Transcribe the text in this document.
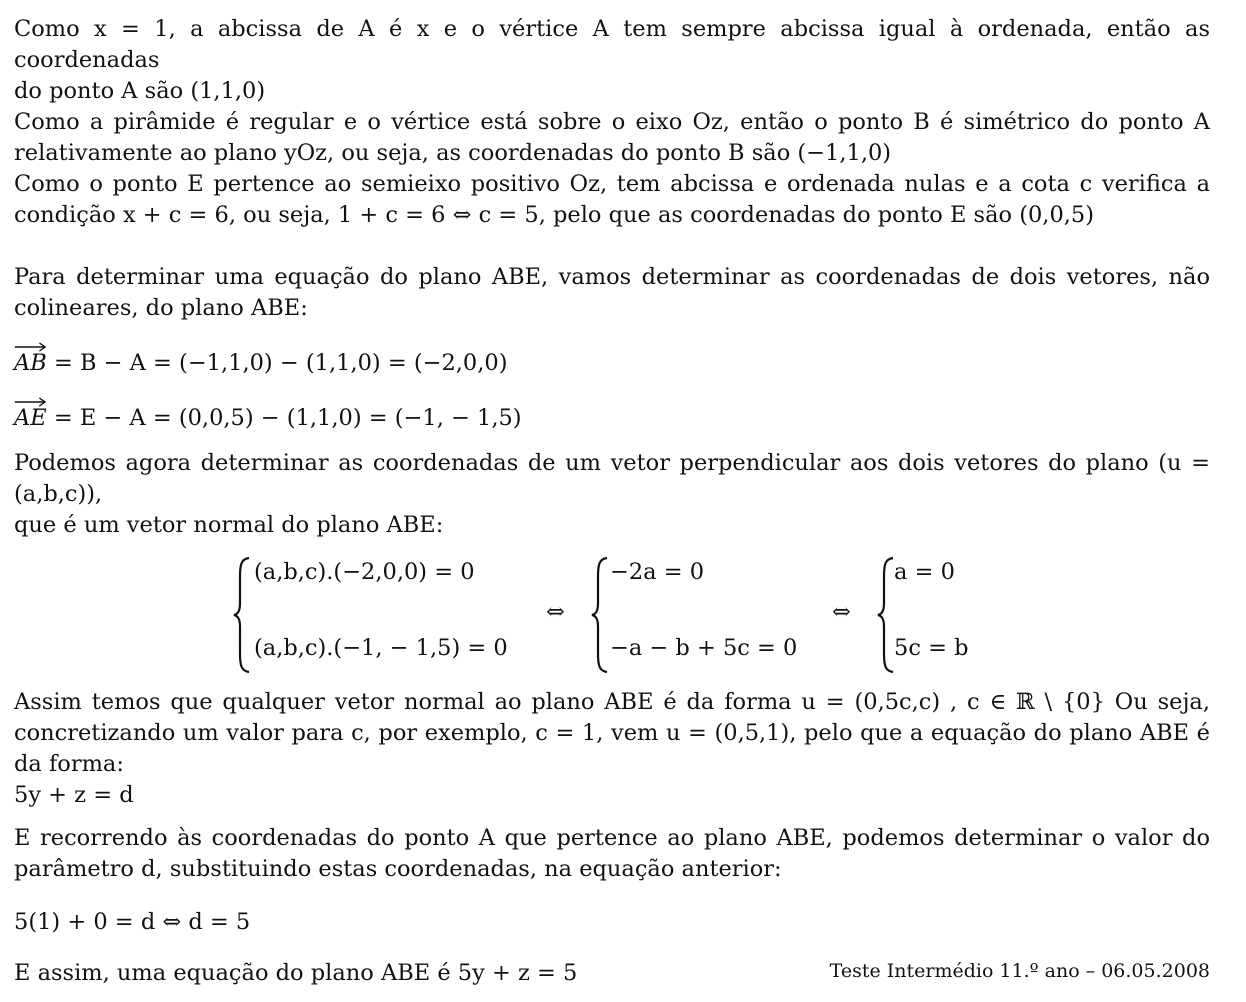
Como x = 1, a abcissa de A é x e o vértice A tem sempre abcissa igual à ordenada, então as coordenadas

do ponto A são (1,1,0)

Como a pirâmide é regular e o vértice está sobre o eixo Oz, então o ponto B é simétrico do ponto A

relativamente ao plano yOz, ou seja, as coordenadas do ponto B são (−1,1,0)

Como o ponto E pertence ao semieixo positivo Oz, tem abcissa e ordenada nulas e a cota c verifica a

condição x + c = 6, ou seja, 1 + c = 6 ⇔ c = 5, pelo que as coordenadas do ponto E são (0,0,5)

Para determinar uma equação do plano ABE, vamos determinar as coordenadas de dois vetores, não

colineares, do plano ABE:

AB = B − A = (−1,1,0) − (1,1,0) = (−2,0,0)

AE = E − A = (0,0,5) − (1,1,0) = (−1, − 1,5)

Podemos agora determinar as coordenadas de um vetor perpendicular aos dois vetores do plano (u = (a,b,c)),

que é um vetor normal do plano ABE:

(a,b,c).(−2,0,0) = 0
(a,b,c).(−1, − 1,5) = 0
⇔
−2a = 0
−a − b + 5c = 0
⇔
a = 0
5c = b

Assim temos que qualquer vetor normal ao plano ABE é da forma u = (0,5c,c) , c ∈ ℝ \ {0} Ou seja,

concretizando um valor para c, por exemplo, c = 1, vem u = (0,5,1), pelo que a equação do plano ABE é

da forma:

5y + z = d

E recorrendo às coordenadas do ponto A que pertence ao plano ABE, podemos determinar o valor do

parâmetro d, substituindo estas coordenadas, na equação anterior:

5(1) + 0 = d ⇔ d = 5

E assim, uma equação do plano ABE é 5y + z = 5	Teste Intermédio 11.º ano – 06.05.2008
